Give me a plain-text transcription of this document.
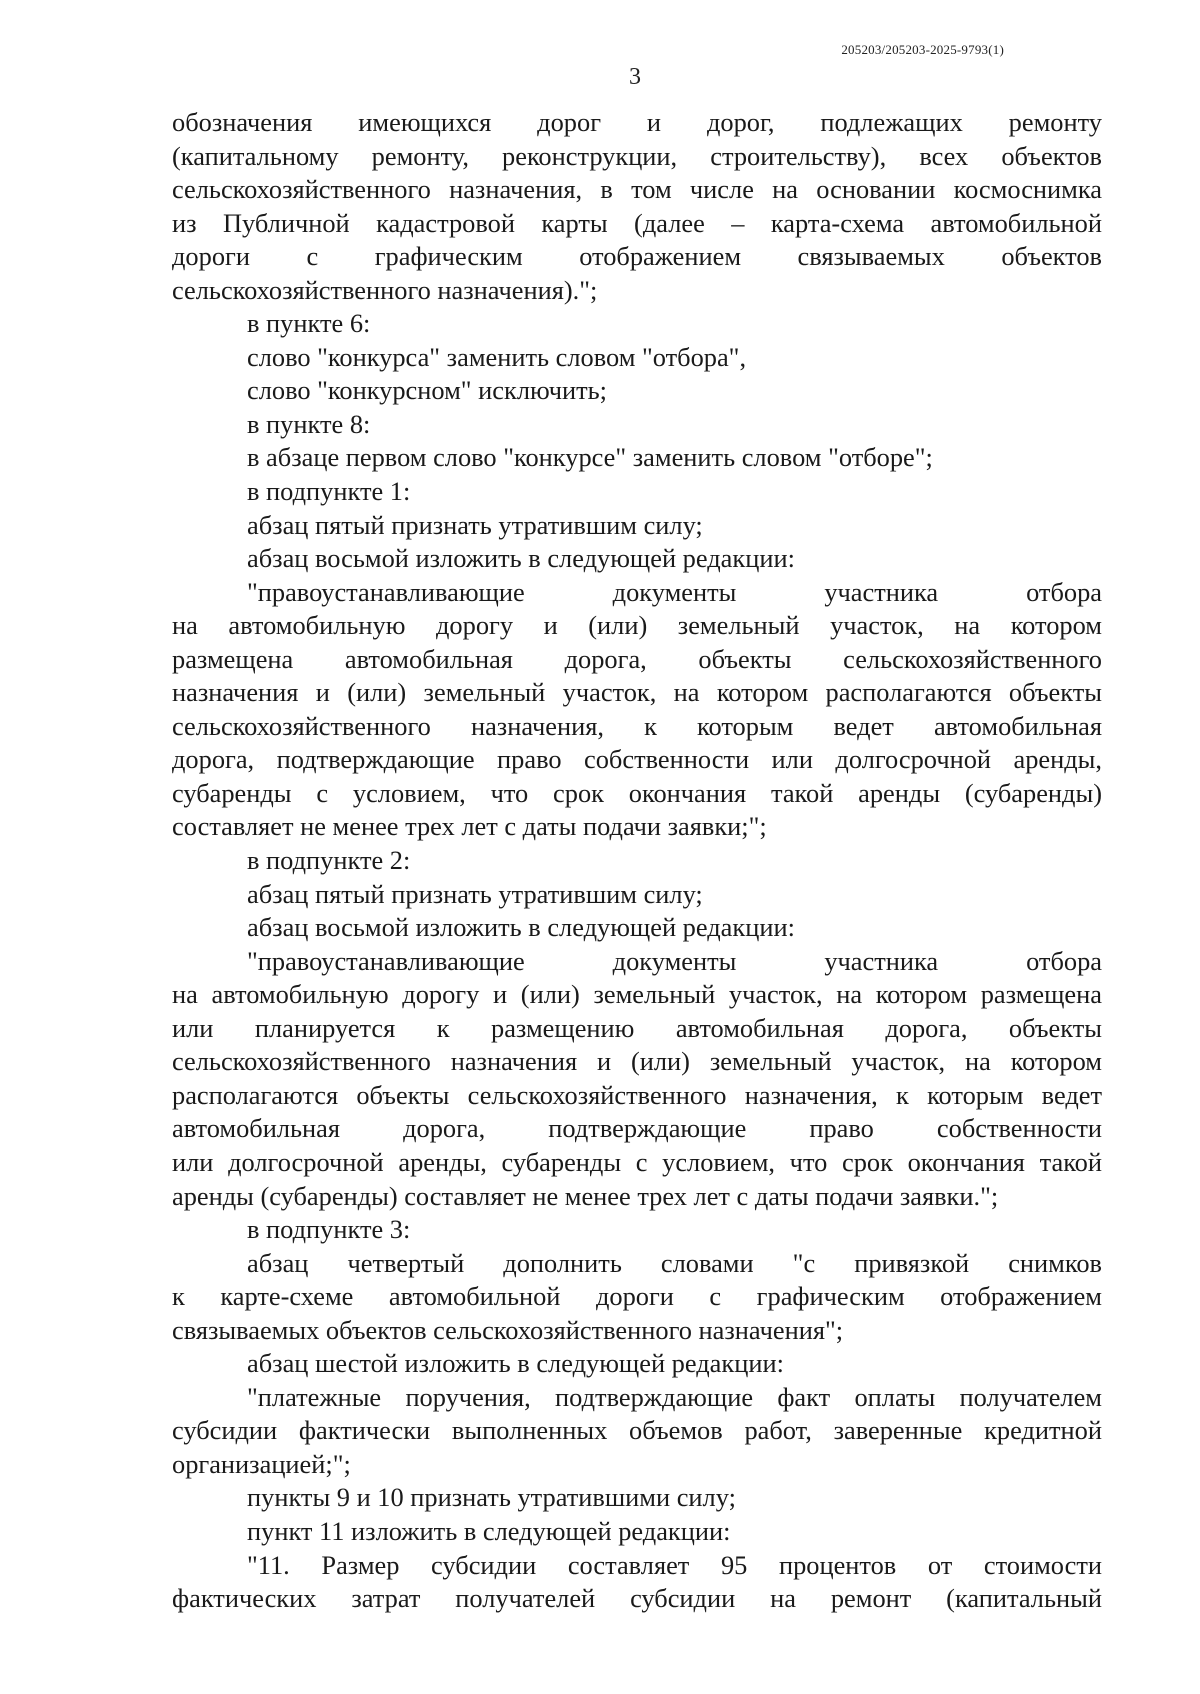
205203/205203-2025-9793(1)
3

обозначения имеющихся дорог и дорог, подлежащих ремонту

(капитальному ремонту, реконструкции, строительству), всех объектов

сельскохозяйственного назначения, в том числе на основании космоснимка

из Публичной кадастровой карты (далее – карта-схема автомобильной

дороги с графическим отображением связываемых объектов

сельскохозяйственного назначения).";

в пункте 6:

слово "конкурса" заменить словом "отбора",

слово "конкурсном" исключить;

в пункте 8:

в абзаце первом слово "конкурсе" заменить словом "отборе";

в подпункте 1:

абзац пятый признать утратившим силу;

абзац восьмой изложить в следующей редакции:

"правоустанавливающие документы участника отбора

на автомобильную дорогу и (или) земельный участок, на котором

размещена автомобильная дорога, объекты сельскохозяйственного

назначения и (или) земельный участок, на котором располагаются объекты

сельскохозяйственного назначения, к которым ведет автомобильная

дорога, подтверждающие право собственности или долгосрочной аренды,

субаренды с условием, что срок окончания такой аренды (субаренды)

составляет не менее трех лет с даты подачи заявки;";

в подпункте 2:

абзац пятый признать утратившим силу;

абзац восьмой изложить в следующей редакции:

"правоустанавливающие документы участника отбора

на автомобильную дорогу и (или) земельный участок, на котором размещена

или планируется к размещению автомобильная дорога, объекты

сельскохозяйственного назначения и (или) земельный участок, на котором

располагаются объекты сельскохозяйственного назначения, к которым ведет

автомобильная дорога, подтверждающие право собственности

или долгосрочной аренды, субаренды с условием, что срок окончания такой

аренды (субаренды) составляет не менее трех лет с даты подачи заявки.";

в подпункте 3:

абзац четвертый дополнить словами "с привязкой снимков

к карте-схеме автомобильной дороги с графическим отображением

связываемых объектов сельскохозяйственного назначения";

абзац шестой изложить в следующей редакции:

"платежные поручения, подтверждающие факт оплаты получателем

субсидии фактически выполненных объемов работ, заверенные кредитной

организацией;";

пункты 9 и 10 признать утратившими силу;

пункт 11 изложить в следующей редакции:

"11. Размер субсидии составляет 95 процентов от стоимости

фактических затрат получателей субсидии на ремонт (капитальный
